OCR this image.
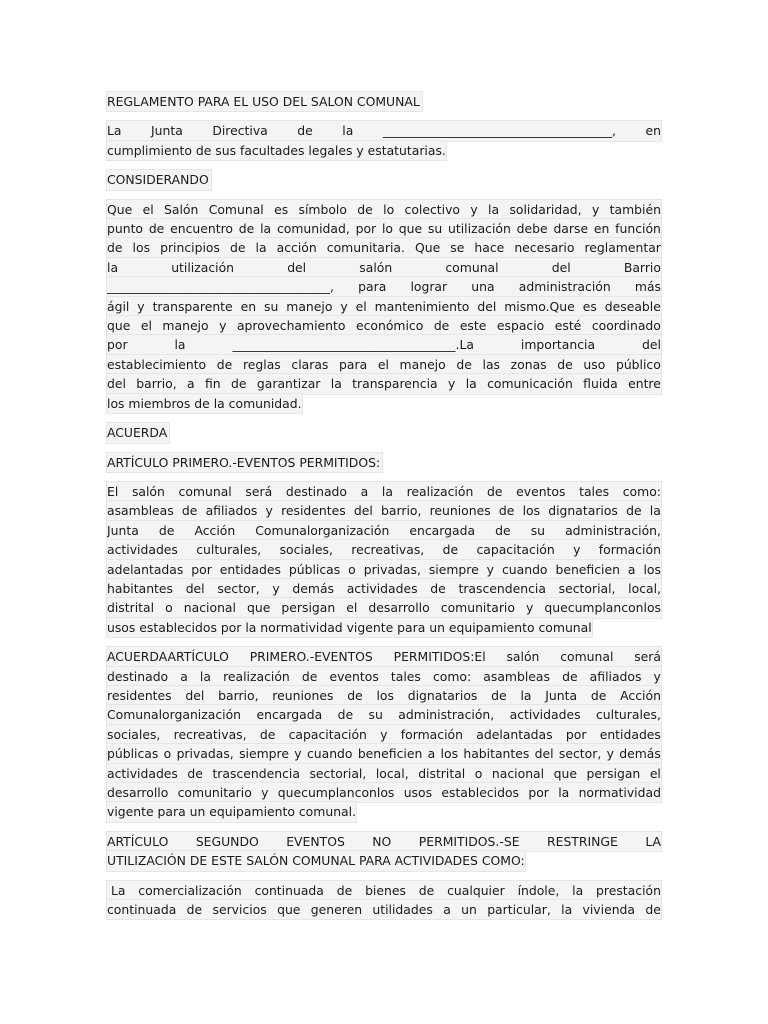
REGLAMENTO PARA EL USO DEL SALON COMUNAL
La Junta Directiva de la _____________________________________, en
cumplimiento de sus facultades legales y estatutarias.
CONSIDERANDO
Que el Salón Comunal es símbolo de lo colectivo y la solidaridad, y también
punto de encuentro de la comunidad, por lo que su utilización debe darse en función
de los principios de la acción comunitaria. Que se hace necesario reglamentar
la	utilización	del	salón	comunal	del	Barrio
____________________________________, para lograr una administración más
ágil y transparente en su manejo y el mantenimiento del mismo.Que es deseable
que el manejo y aprovechamiento económico de este espacio esté coordinado
por	la	____________________________________.La	importancia	del
establecimiento de reglas claras para el manejo de las zonas de uso público
del barrio, a fin de garantizar la transparencia y la comunicación fluida entre
los miembros de la comunidad.
ACUERDA
ARTÍCULO PRIMERO.-EVENTOS PERMITIDOS:
El salón comunal será destinado a la realización de eventos tales como:
asambleas de afiliados y residentes del barrio, reuniones de los dignatarios de la
Junta de Acción Comunalorganización encargada de su administración,
actividades culturales, sociales, recreativas, de capacitación y formación
adelantadas por entidades públicas o privadas, siempre y cuando beneficien a los
habitantes del sector, y demás actividades de trascendencia sectorial, local,
distrital o nacional que persigan el desarrollo comunitario y quecumplanconlos
usos establecidos por la normatividad vigente para un equipamiento comunal
ACUERDAARTÍCULO PRIMERO.-EVENTOS PERMITIDOS:El salón comunal será
destinado a la realización de eventos tales como: asambleas de afiliados y
residentes del barrio, reuniones de los dignatarios de la Junta de Acción
Comunalorganización encargada de su administración, actividades culturales,
sociales, recreativas, de capacitación y formación adelantadas por entidades
públicas o privadas, siempre y cuando beneficien a los habitantes del sector, y demás
actividades de trascendencia sectorial, local, distrital o nacional que persigan el
desarrollo comunitario y quecumplanconlos usos establecidos por la normatividad
vigente para un equipamiento comunal.
ARTÍCULO SEGUNDO EVENTOS NO PERMITIDOS.-SE RESTRINGE LA
UTILIZACIÓN DE ESTE SALÓN COMUNAL PARA ACTIVIDADES COMO:
La comercialización continuada de bienes de cualquier índole, la prestación
continuada de servicios que generen utilidades a un particular, la vivienda de
